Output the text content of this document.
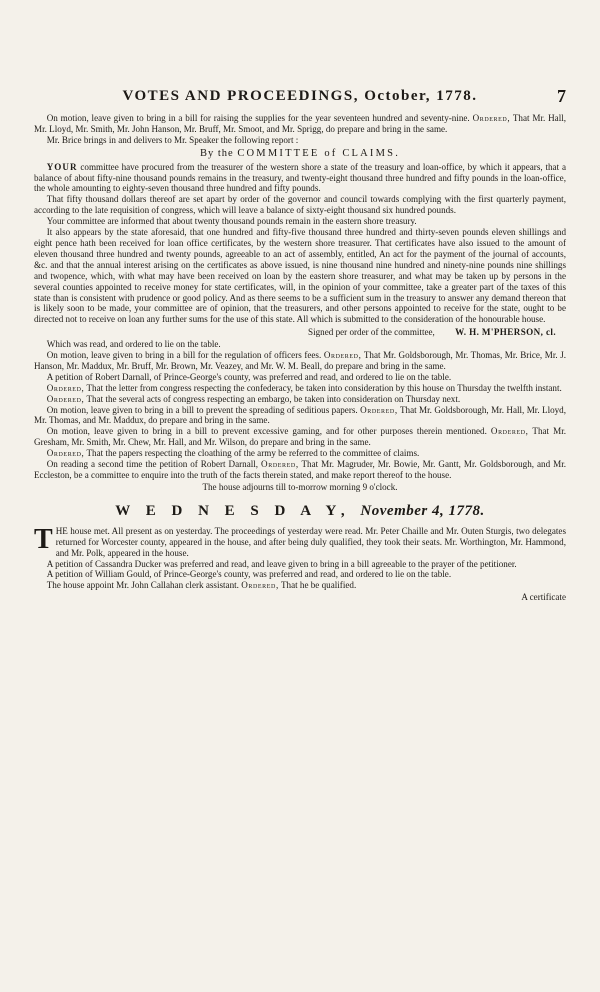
VOTES AND PROCEEDINGS, October, 1778.	7

On motion, leave given to bring in a bill for raising the supplies for the year seventeen hundred and seventy-nine. Ordered, That Mr. Hall, Mr. Lloyd, Mr. Smith, Mr. John Hanson, Mr. Bruff, Mr. Smoot, and Mr. Sprigg, do prepare and bring in the same.

Mr. Brice brings in and delivers to Mr. Speaker the following report :

By the COMMITTEE of CLAIMS.

YOUR committee have procured from the treasurer of the western shore a state of the treasury and loan-office, by which it appears, that a balance of about fifty-nine thousand pounds remains in the treasury, and twenty-eight thousand three hundred and fifty pounds in the loan-office, the whole amounting to eighty-seven thousand three hundred and fifty pounds.

That fifty thousand dollars thereof are set apart by order of the governor and council towards complying with the first quarterly payment, according to the late requisition of congress, which will leave a balance of sixty-eight thousand six hundred pounds.

Your committee are informed that about twenty thousand pounds remain in the eastern shore treasury.

It also appears by the state aforesaid, that one hundred and fifty-five thousand three hundred and thirty-seven pounds eleven shillings and eight pence hath been received for loan office certificates, by the western shore treasurer. That certificates have also issued to the amount of eleven thousand three hundred and twenty pounds, agreeable to an act of assembly, entitled, An act for the payment of the journal of accounts, &c. and that the annual interest arising on the certificates as above issued, is nine thousand nine hundred and ninety-nine pounds nine shillings and twopence, which, with what may have been received on loan by the eastern shore treasurer, and what may be taken up by persons in the several counties appointed to receive money for state certificates, will, in the opinion of your committee, take a greater part of the taxes of this state than is consistent with prudence or good policy. And as there seems to be a sufficient sum in the treasury to answer any demand thereon that is likely soon to be made, your committee are of opinion, that the treasurers, and other persons appointed to receive for the state, ought to be directed not to receive on loan any further sums for the use of this state. All which is submitted to the consideration of the honourable house.

Signed per order of the committee, W. H. M'PHERSON, cl.

Which was read, and ordered to lie on the table.

On motion, leave given to bring in a bill for the regulation of officers fees. Ordered, That Mr. Goldsborough, Mr. Thomas, Mr. Brice, Mr. J. Hanson, Mr. Maddux, Mr. Bruff, Mr. Brown, Mr. Veazey, and Mr. W. M. Beall, do prepare and bring in the same.

A petition of Robert Darnall, of Prince-George's county, was preferred and read, and ordered to lie on the table.

Ordered, That the letter from congress respecting the confederacy, be taken into consideration by this house on Thursday the twelfth instant.

Ordered, That the several acts of congress respecting an embargo, be taken into consideration on Thursday next.

On motion, leave given to bring in a bill to prevent the spreading of seditious papers. Ordered, That Mr. Goldsborough, Mr. Hall, Mr. Lloyd, Mr. Thomas, and Mr. Maddux, do prepare and bring in the same.

On motion, leave given to bring in a bill to prevent excessive gaming, and for other purposes therein mentioned. Ordered, That Mr. Gresham, Mr. Smith, Mr. Chew, Mr. Hall, and Mr. Wilson, do prepare and bring in the same.

Ordered, That the papers respecting the cloathing of the army be referred to the committee of claims.

On reading a second time the petition of Robert Darnall, Ordered, That Mr. Magruder, Mr. Bowie, Mr. Gantt, Mr. Goldsborough, and Mr. Eccleston, be a committee to enquire into the truth of the facts therein stated, and make report thereof to the house.

The house adjourns till to-morrow morning 9 o'clock.
W E D N E S D A Y, November 4, 1778.

T HE house met. All present as on yesterday. The proceedings of yesterday were read. Mr. Peter Chaille and Mr. Outen Sturgis, two delegates returned for Worcester county, appeared in the house, and after being duly qualified, they took their seats. Mr. Worthington, Mr. Hammond, and Mr. Polk, appeared in the house.

A petition of Cassandra Ducker was preferred and read, and leave given to bring in a bill agreeable to the prayer of the petitioner.

A petition of William Gould, of Prince-George's county, was preferred and read, and ordered to lie on the table.

The house appoint Mr. John Callahan clerk assistant. Ordered, That he be qualified.

A certificate
